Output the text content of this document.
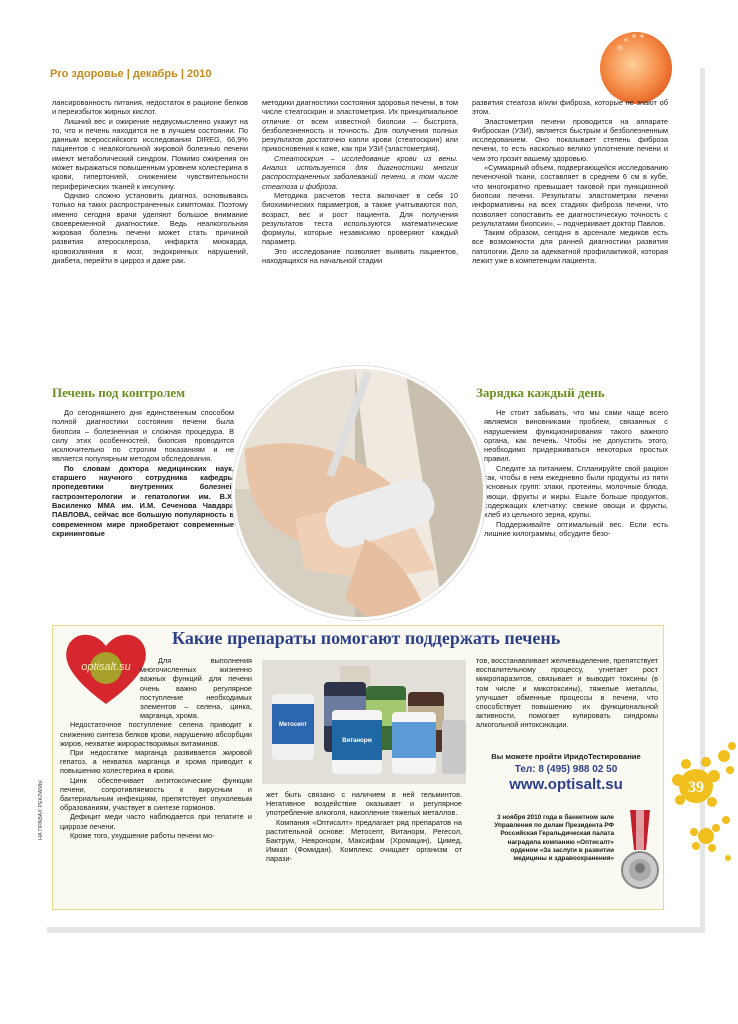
Pro здоровье | декабрь | 2010

лансированность питания, недостаток в рационе белков и переизбыток жирных кислот.

Лишний вес и ожирение недвусмысленно укажут на то, что и печень находится не в лучшем состоянии. По данным всероссийского исследования DIREG, 66,9% пациентов с неалкогольной жировой болезнью печени имеют метаболический синдром. Помимо ожирения он может выражаться повышенным уровнем холестерина в крови, гипертонией, снижением чувствительности периферических тканей к инсулину.

Однако сложно установить диагноз, основываясь только на таких распространенных симптомах. Поэтому именно сегодня врачи уделяют большое внимание своевременной диагностике. Ведь неалкогольная жировая болезнь печени может стать причиной развития атеросклероза, инфаркта миокарда, кровоизлияния в мозг, эндокринных нарушений, диабета, перейти в цирроз и даже рак.

методики диагностики состояния здоровья печени, в том числе стеатоскрин и эластометрия. Их принципиальное отличие от всем известной биопсии – быстрота, безболезненность и точность. Для получения полных результатов достаточно капли крови (стеатоскрин) или прикосновения к коже, как при УЗИ (эластометрия).

Стеатоскрин – исследование крови из вены. Анализ используется для диагностики многих распространенных заболеваний печени, в том числе стеатоза и фиброза.

Методика расчетов теста включает в себя 10 биохимических параметров, а также учитываются пол, возраст, вес и рост пациента. Для получения результатов теста используются математические формулы, которые независимо проверяют каждый параметр.

Это исследование позволяет выявить пациентов, находящихся на начальной стадии

развития стеатоза и/или фиброза, которые не знают об этом.

Эластометрия печени проводится на аппарате Фиброскан (УЗИ), является быстрым и безболезненным исследованием. Оно показывает степень фиброза печени, то есть насколько велико уплотнение печени и чем это грозит вашему здоровью.

«Суммарный объем, подвергающейся исследованию печеночной ткани, составляет в среднем 6 см в кубе, что многократно превышает таковой при пункционной биопсии печени. Результаты эластометрии печени информативны на всех стадиях фиброза печени, что позволяет сопоставить ее диагностическую точность с результатами биопсии», – подчеркивает доктор Павлов.

Таким образом, сегодня в арсенале медиков есть все возможности для ранней диагностики развития патологии. Дело за адекватной профилактикой, которая лежит уже в компетенции пациента.

Печень под контролем	Зарядка каждый день

До сегодняшнего дня единственным способом полной диагностики состояния печени была биопсия – болезненная и сложная процедура. В силу этих особенностей, биопсия проводится исключительно по строгим показаниям и не является популярным методом обследования.

По словам доктора медицинских наук, старшего научного сотрудника кафедры пропедевтики внутренних болезней гастроэнтерологии и гепатологии им. В.Х. Василенко ММА им. И.М. Сеченова Чавдара ПАВЛОВА, сейчас все большую популярность в современном мире приобретают современные скрининговые

Не стоит забывать, что мы сами чаще всего являемся виновниками проблем, связанных с нарушением функционирования такого важного органа, как печень. Чтобы не допустить этого, необходимо придерживаться некоторых простых правил.

Следите за питанием. Спланируйте свой рацион так, чтобы в нем ежедневно были продукты из пяти основных групп: злаки, протеины, молочные блюда, овощи, фрукты и жиры. Ешьте больше продуктов, содержащих клетчатку: свежие овощи и фрукты, хлеб из цельного зерна, крупы.

Поддерживайте оптимальный вес. Если есть лишние килограммы, обсудите безо-

Какие препараты помогают поддержать печень
optisalt.su

Для выполнения многочисленных жизненно важных функций для печени очень важно регулярное поступление необходимых элементов – селена, цинка, марганца, хрома.

Недостаточное поступление селена приводит к снижению синтеза белков крови, нарушению абсорбции жиров, нехватке жирорастворимых витаминов.

При недостатке марганца развивается жировой гепатоз, а нехватка марганца и хрома приводит к повышению холестерина в крови.

Цинк обеспечивает антитоксические функции печени, сопротивляемость к вирусным и бактериальным инфекциям, препятствует опухолевым образованиям, участвует в синтезе гормонов.

Дефицит меди часто наблюдается при гепатите и циррозе печени.

Кроме того, ухудшение работы печени мо-

Метосепт
Витаноpм

жет быть связано с наличием в ней гельминтов. Негативное воздействие оказывает и регулярное употребление алкоголя, накопление тяжелых металлов.

Компания «Оптисалт» предлагает ряд препаратов на растительной основе: Метосепт, Витаноpм, Регесол, Бактрум, Невроноpм, Максифам (Хромацин), Цимед, Имкап (Фомидан). Комплекс очищает организм от парази-

тов, восстанавливает желчевыделение, препятствует воспалительному процессу, угнетает рост микропаразитов, связывает и выводит токсины (в том числе и микотоксины), тяжелые металлы, улучшает обменные процессы в печени, что способствует повышению их функциональной активности, помогает купировать синдромы алкогольной интоксикации.

Вы можете пройти ИридоТестирование
Тел: 8 (495) 988 02 50
www.optisalt.su
3 ноября 2010 года в банкетном зале Управления по делам Президента РФ Российская Геральдическая палата наградила компанию «Оптисалт» орденом «За заслуги в развитии медицины и здравоохранения»
39
НА ПРАВАХ РЕКЛАМЫ
